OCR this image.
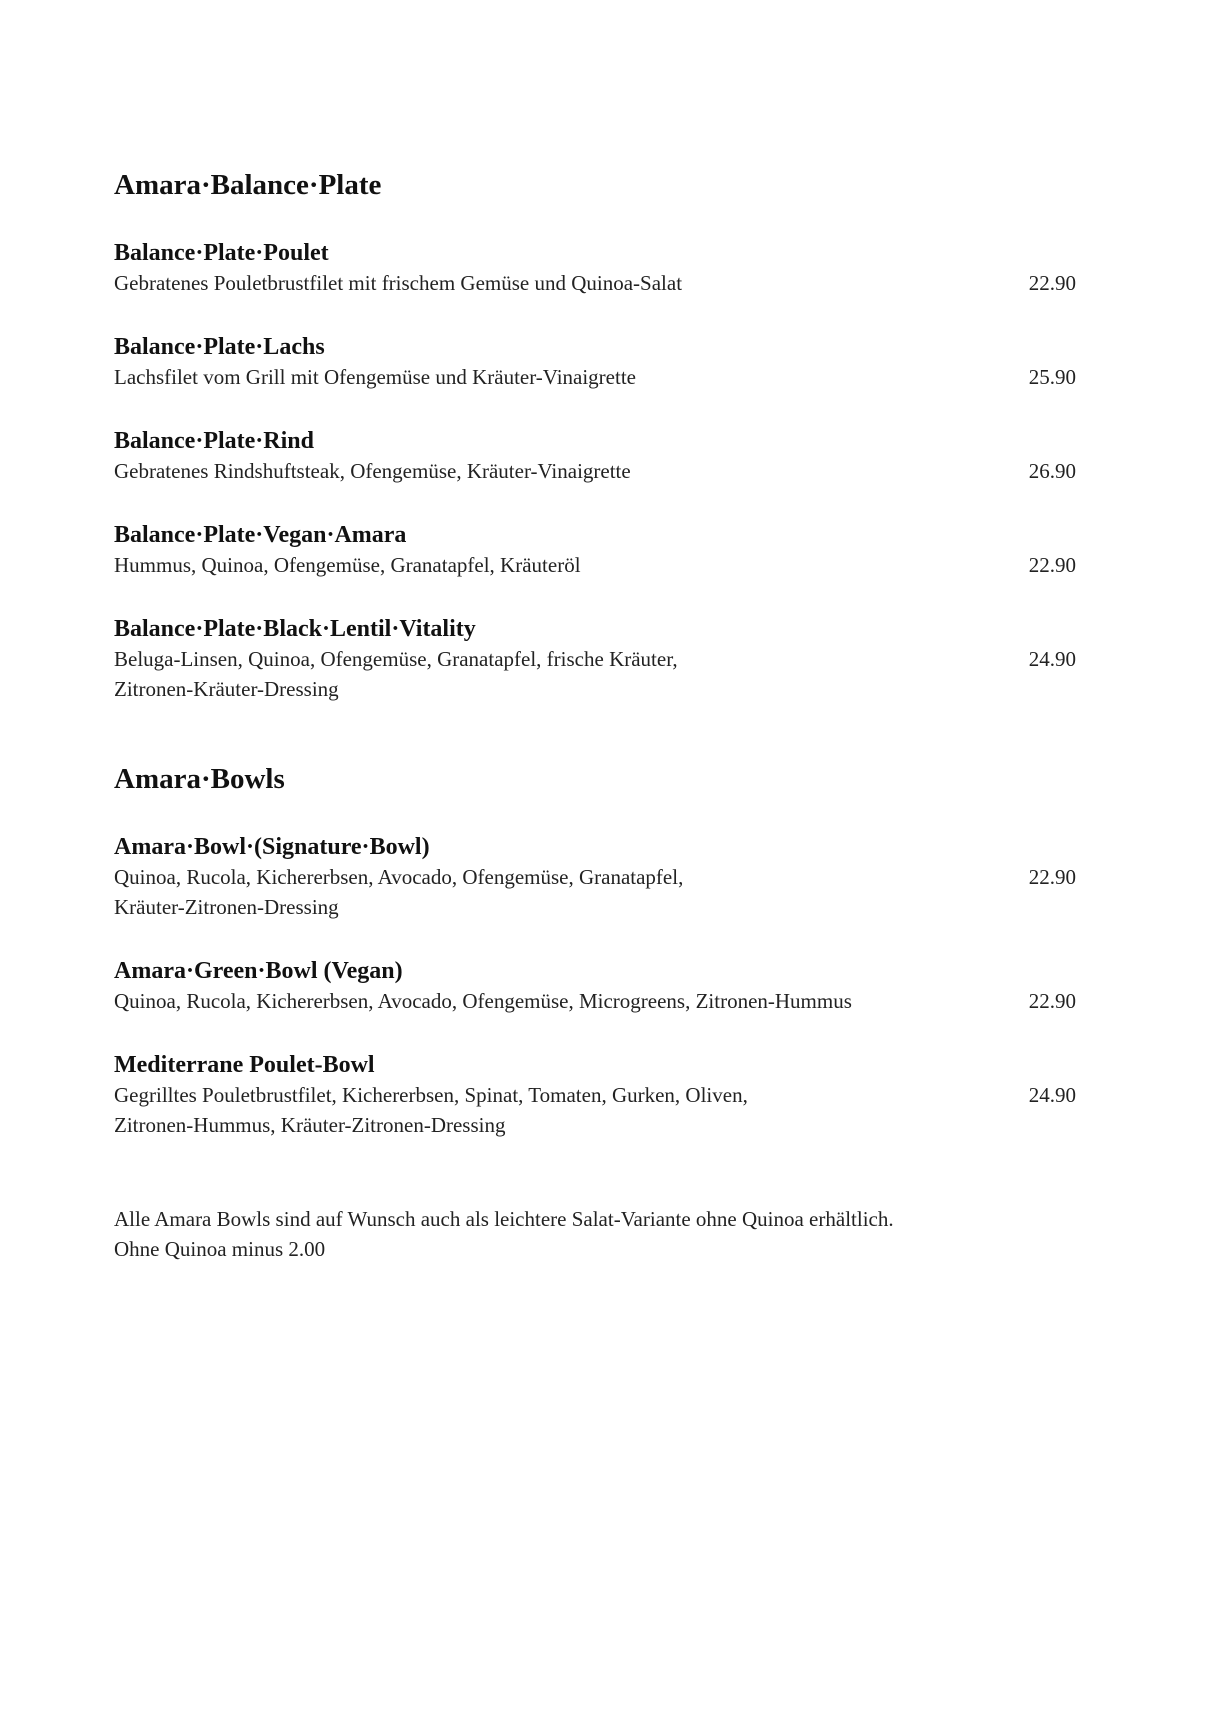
Amara·Balance·Plate
Balance·Plate·Poulet
Gebratenes Pouletbrustfilet mit frischem Gemüse und Quinoa-Salat	22.90
Balance·Plate·Lachs
Lachsfilet vom Grill mit Ofengemüse und Kräuter-Vinaigrette	25.90
Balance·Plate·Rind
Gebratenes Rindshuftsteak, Ofengemüse, Kräuter-Vinaigrette	26.90
Balance·Plate·Vegan·Amara
Hummus, Quinoa, Ofengemüse, Granatapfel, Kräuteröl	22.90
Balance·Plate·Black·Lentil·Vitality
Beluga-Linsen, Quinoa, Ofengemüse, Granatapfel, frische Kräuter,
Zitronen-Kräuter-Dressing
24.90
Amara·Bowls
Amara·Bowl·(Signature·Bowl)
Quinoa, Rucola, Kichererbsen, Avocado, Ofengemüse, Granatapfel,
Kräuter-Zitronen-Dressing
22.90
Amara·Green·Bowl (Vegan)
Quinoa, Rucola, Kichererbsen, Avocado, Ofengemüse, Microgreens, Zitronen-Hummus	22.90
Mediterrane Poulet-Bowl
Gegrilltes Pouletbrustfilet, Kichererbsen, Spinat, Tomaten, Gurken, Oliven,
Zitronen-Hummus, Kräuter-Zitronen-Dressing
24.90
Alle Amara Bowls sind auf Wunsch auch als leichtere Salat-Variante ohne Quinoa erhältlich.
Ohne Quinoa minus 2.00
